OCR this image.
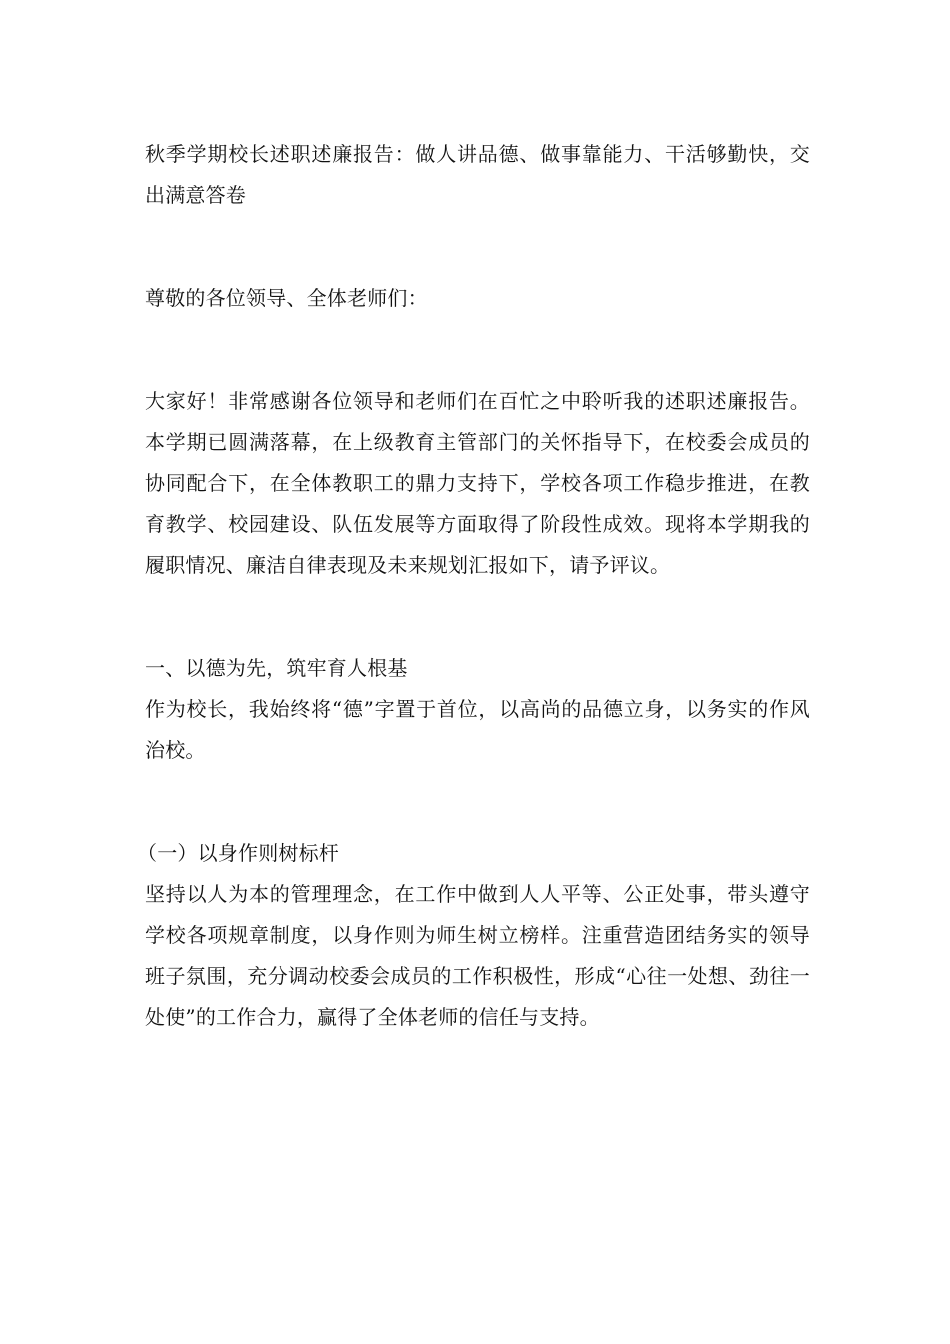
秋季学期校长述职述廉报告：做人讲品德、做事靠能力、干活够勤快，交出满意答卷

尊敬的各位领导、全体老师们：

大家好！非常感谢各位领导和老师们在百忙之中聆听我的述职述廉报告。本学期已圆满落幕，在上级教育主管部门的关怀指导下，在校委会成员的协同配合下，在全体教职工的鼎力支持下，学校各项工作稳步推进，在教育教学、校园建设、队伍发展等方面取得了阶段性成效。现将本学期我的履职情况、廉洁自律表现及未来规划汇报如下，请予评议。

一、以德为先，筑牢育人根基

作为校长，我始终将“德”字置于首位，以高尚的品德立身，以务实的作风治校。

（一）以身作则树标杆

坚持以人为本的管理理念，在工作中做到人人平等、公正处事，带头遵守学校各项规章制度，以身作则为师生树立榜样。注重营造团结务实的领导班子氛围，充分调动校委会成员的工作积极性，形成“心往一处想、劲往一处使”的工作合力，赢得了全体老师的信任与支持。
